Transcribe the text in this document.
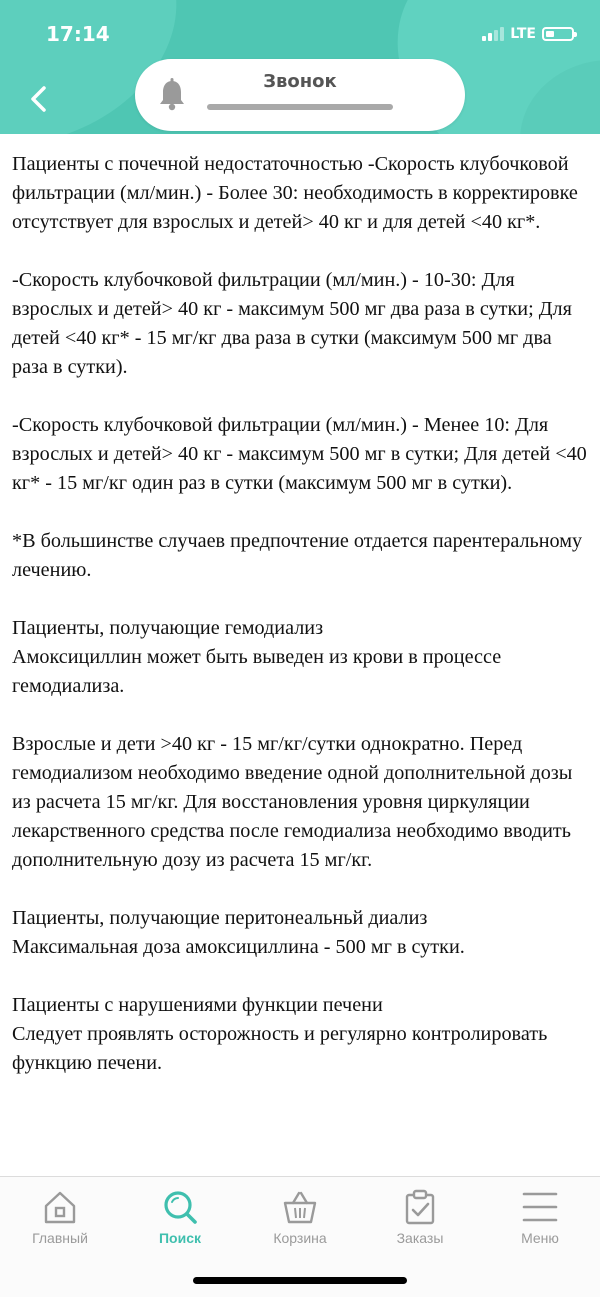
17:14	LTE
Звонок

Пациенты с почечной недостаточностью -Скорость клубочковой фильтрации (мл/мин.) - Более 30: необходимость в корректировке отсутствует для взрослых и детей> 40 кг и для детей <40 кг*.

-Скорость клубочковой фильтрации (мл/мин.) - 10-30: Для взрослых и детей> 40 кг - максимум 500 мг два раза в сутки; Для детей <40 кг* - 15 мг/кг два раза в сутки (максимум 500 мг два раза в сутки).

-Скорость клубочковой фильтрации (мл/мин.) - Менее 10: Для взрослых и детей> 40 кг - максимум 500 мг в сутки; Для детей <40 кг* - 15 мг/кг один раз в сутки (максимум 500 мг в сутки).

*В большинстве случаев предпочтение отдается парентеральному лечению.

Пациенты, получающие гемодиализ
Амоксициллин может быть выведен из крови в процессе гемодиализа.

Взрослые и дети >40 кг - 15 мг/кг/сутки однократно. Перед гемодиализом необходимо введение одной дополнительной дозы из расчета 15 мг/кг. Для восстановления уровня циркуляции лекарственного средства после гемодиализа необходимо вводить дополнительную дозу из расчета 15 мг/кг.

Пациенты, получающие перитонеальньй диализ
Максимальная доза амоксициллина - 500 мг в сутки.

Пациенты с нарушениями функции печени
Следует проявлять осторожность и регулярно контролировать функцию печени.

Главный	Поиск	Корзина	Заказы	Меню
